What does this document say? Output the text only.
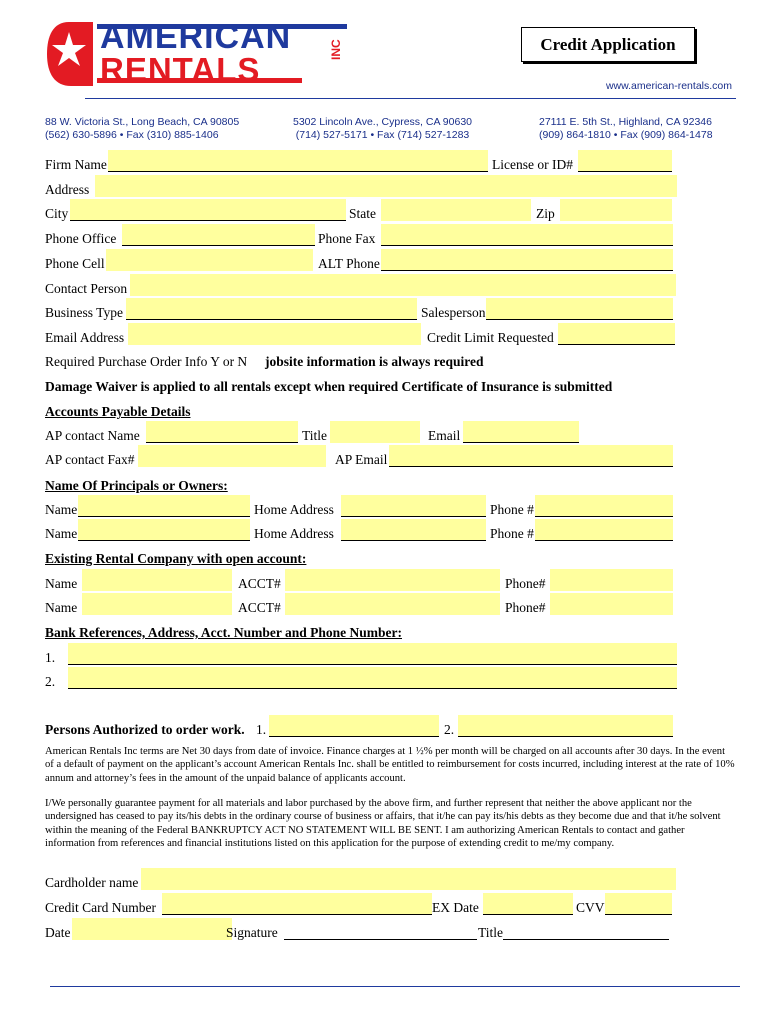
AMERICAN
RENTALS
INC	Credit Application
www.american-rentals.com
88 W. Victoria St., Long Beach, CA 90805
(562) 630-5896 • Fax (310) 885-1406
5302 Lincoln Ave., Cypress, CA 90630
(714) 527-5171 • Fax (714) 527-1283
27111 E. 5th St., Highland, CA 92346
(909) 864-1810 • Fax (909) 864-1478
Firm Name	License or ID#
Address
City	State	Zip
Phone Office	Phone Fax
Phone Cell	ALT Phone
Contact Person
Business Type	Salesperson
Email Address	Credit Limit Requested
Required Purchase Order Info Y or N jobsite information is always required
Damage Waiver is applied to all rentals except when required Certificate of Insurance is submitted
Accounts Payable Details
AP contact Name	Title	Email
AP contact Fax#	AP Email
Name Of Principals or Owners:
Name	Home Address	Phone #
Name	Home Address	Phone #
Existing Rental Company with open account:
Name	ACCT#	Phone#
Name	ACCT#	Phone#
Bank References, Address, Acct. Number and Phone Number:
1.
2.
Persons Authorized to order work. 1.	2.
American Rentals Inc terms are Net 30 days from date of invoice. Finance charges at 1 ½% per month will be charged on all accounts after 30 days. In the event of a default of payment on the applicant’s account American Rentals Inc. shall be entitled to reimbursement for costs incurred, including interest at the rate of 10% annum and attorney’s fees in the amount of the unpaid balance of applicants account.
I/We personally guarantee payment for all materials and labor purchased by the above firm, and further represent that neither the above applicant nor the undersigned has ceased to pay its/his debts in the ordinary course of business or affairs, that it/he can pay its/his debts as they become due and that it/he solvent within the meaning of the Federal BANKRUPTCY ACT NO STATEMENT WILL BE SENT. I am authorizing American Rentals to contact and gather information from references and financial institutions listed on this application for the purpose of extending credit to me/my company.
Cardholder name
Credit Card Number	EX Date	CVV
Date	Signature	Title
